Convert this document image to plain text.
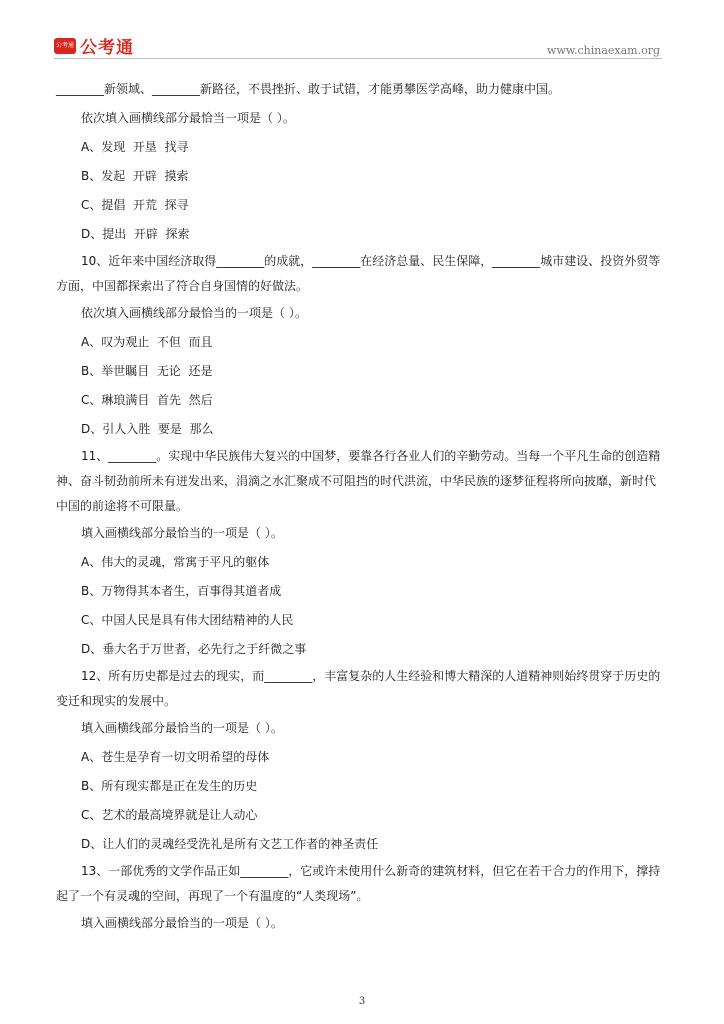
公考通 公考通	www.chinaexam.org

________新领域、________新路径，不畏挫折、敢于试错，才能勇攀医学高峰，助力健康中国。

依次填入画横线部分最恰当一项是（ ）。

A、发现  开垦  找寻

B、发起  开辟  摸索

C、提倡  开荒  探寻

D、提出  开辟  探索

10、近年来中国经济取得________的成就，________在经济总量、民生保障，________城市建设、投资外贸等方面，中国都探索出了符合自身国情的好做法。

依次填入画横线部分最恰当的一项是（ ）。

A、叹为观止  不但  而且

B、举世瞩目  无论  还是

C、琳琅满目  首先  然后

D、引人入胜  要是  那么

11、________。实现中华民族伟大复兴的中国梦，要靠各行各业人们的辛勤劳动。当每一个平凡生命的创造精神、奋斗韧劲前所未有迸发出来，涓滴之水汇聚成不可阻挡的时代洪流，中华民族的逐梦征程将所向披靡，新时代中国的前途将不可限量。

填入画横线部分最恰当的一项是（ ）。

A、伟大的灵魂，常寓于平凡的躯体

B、万物得其本者生，百事得其道者成

C、中国人民是具有伟大团结精神的人民

D、垂大名于万世者，必先行之于纤微之事

12、所有历史都是过去的现实，而________，丰富复杂的人生经验和博大精深的人道精神则始终贯穿于历史的变迁和现实的发展中。

填入画横线部分最恰当的一项是（ ）。

A、苍生是孕育一切文明希望的母体

B、所有现实都是正在发生的历史

C、艺术的最高境界就是让人动心

D、让人们的灵魂经受洗礼是所有文艺工作者的神圣责任

13、一部优秀的文学作品正如________，它或许未使用什么新奇的建筑材料，但它在若干合力的作用下，撑持起了一个有灵魂的空间，再现了一个有温度的“人类现场”。

填入画横线部分最恰当的一项是（ ）。

3
